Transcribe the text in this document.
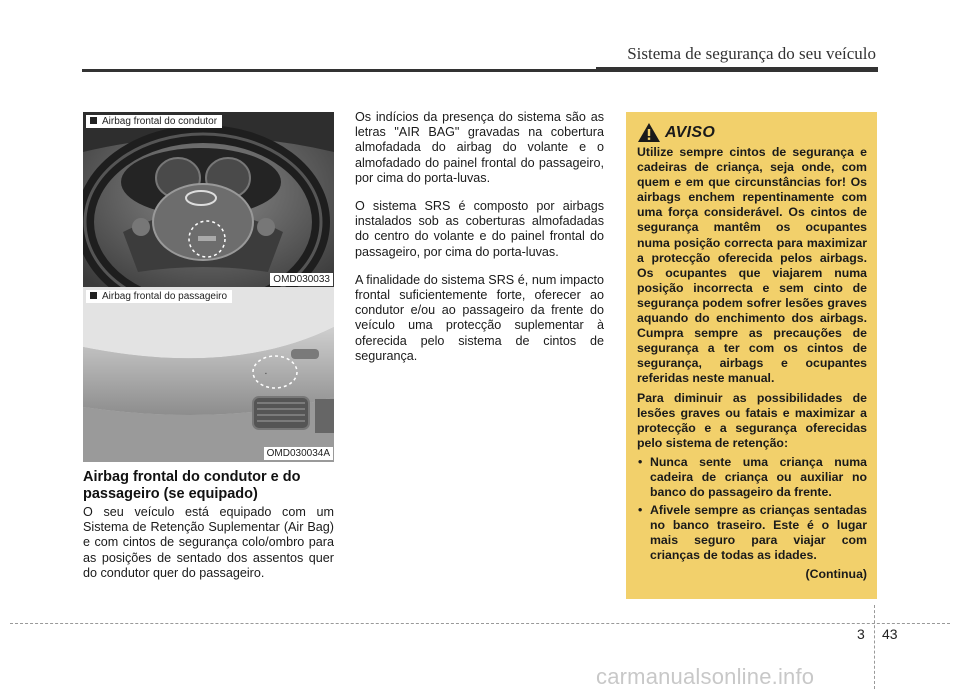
Sistema de segurança do seu veículo
Airbag frontal do condutor
OMD030033
▪
Airbag frontal do passageiro
OMD030034A
Airbag frontal do condutor e do passageiro (se equipado)
O seu veículo está equipado com um Sistema de Retenção Suplementar (Air Bag) e com cintos de segurança colo/ombro para as posições de sentado dos assentos quer do condutor quer do passageiro.

Os indícios da presença do sistema são as letras "AIR BAG" gravadas na cobertura almofadada do airbag do volante e o almofadado do painel frontal do passageiro, por cima do porta-luvas.

O sistema SRS é composto por airbags instalados sob as coberturas almofadadas do centro do volante e do painel frontal do passageiro, por cima do porta-luvas.

A finalidade do sistema SRS é, num impacto frontal suficientemente forte, oferecer ao condutor e/ou ao passageiro da frente do veículo uma protecção suplementar à oferecida pelo sistema de cintos de segurança.

AVISO

Utilize sempre cintos de segurança e cadeiras de criança, seja onde, com quem e em que circunstâncias for! Os airbags enchem repentinamente com uma força considerável. Os cintos de segurança mantêm os ocupantes numa posição correcta para maximizar a protecção oferecida pelos airbags. Os ocupantes que viajarem numa posição incorrecta e sem cinto de segurança podem sofrer lesões graves aquando do enchimento dos airbags. Cumpra sempre as precauções de segurança a ter com os cintos de segurança, airbags e ocupantes referidas neste manual.

Para diminuir as possibilidades de lesões graves ou fatais e maximizar a protecção e a segurança oferecidas pelo sistema de retenção:

• Nunca sente uma criança numa cadeira de criança ou auxiliar no banco do passageiro da frente.
• Afivele sempre as crianças sentadas no banco traseiro. Este é o lugar mais seguro para viajar com crianças de todas as idades.
(Continua)
3 43
carmanualsonline.info
